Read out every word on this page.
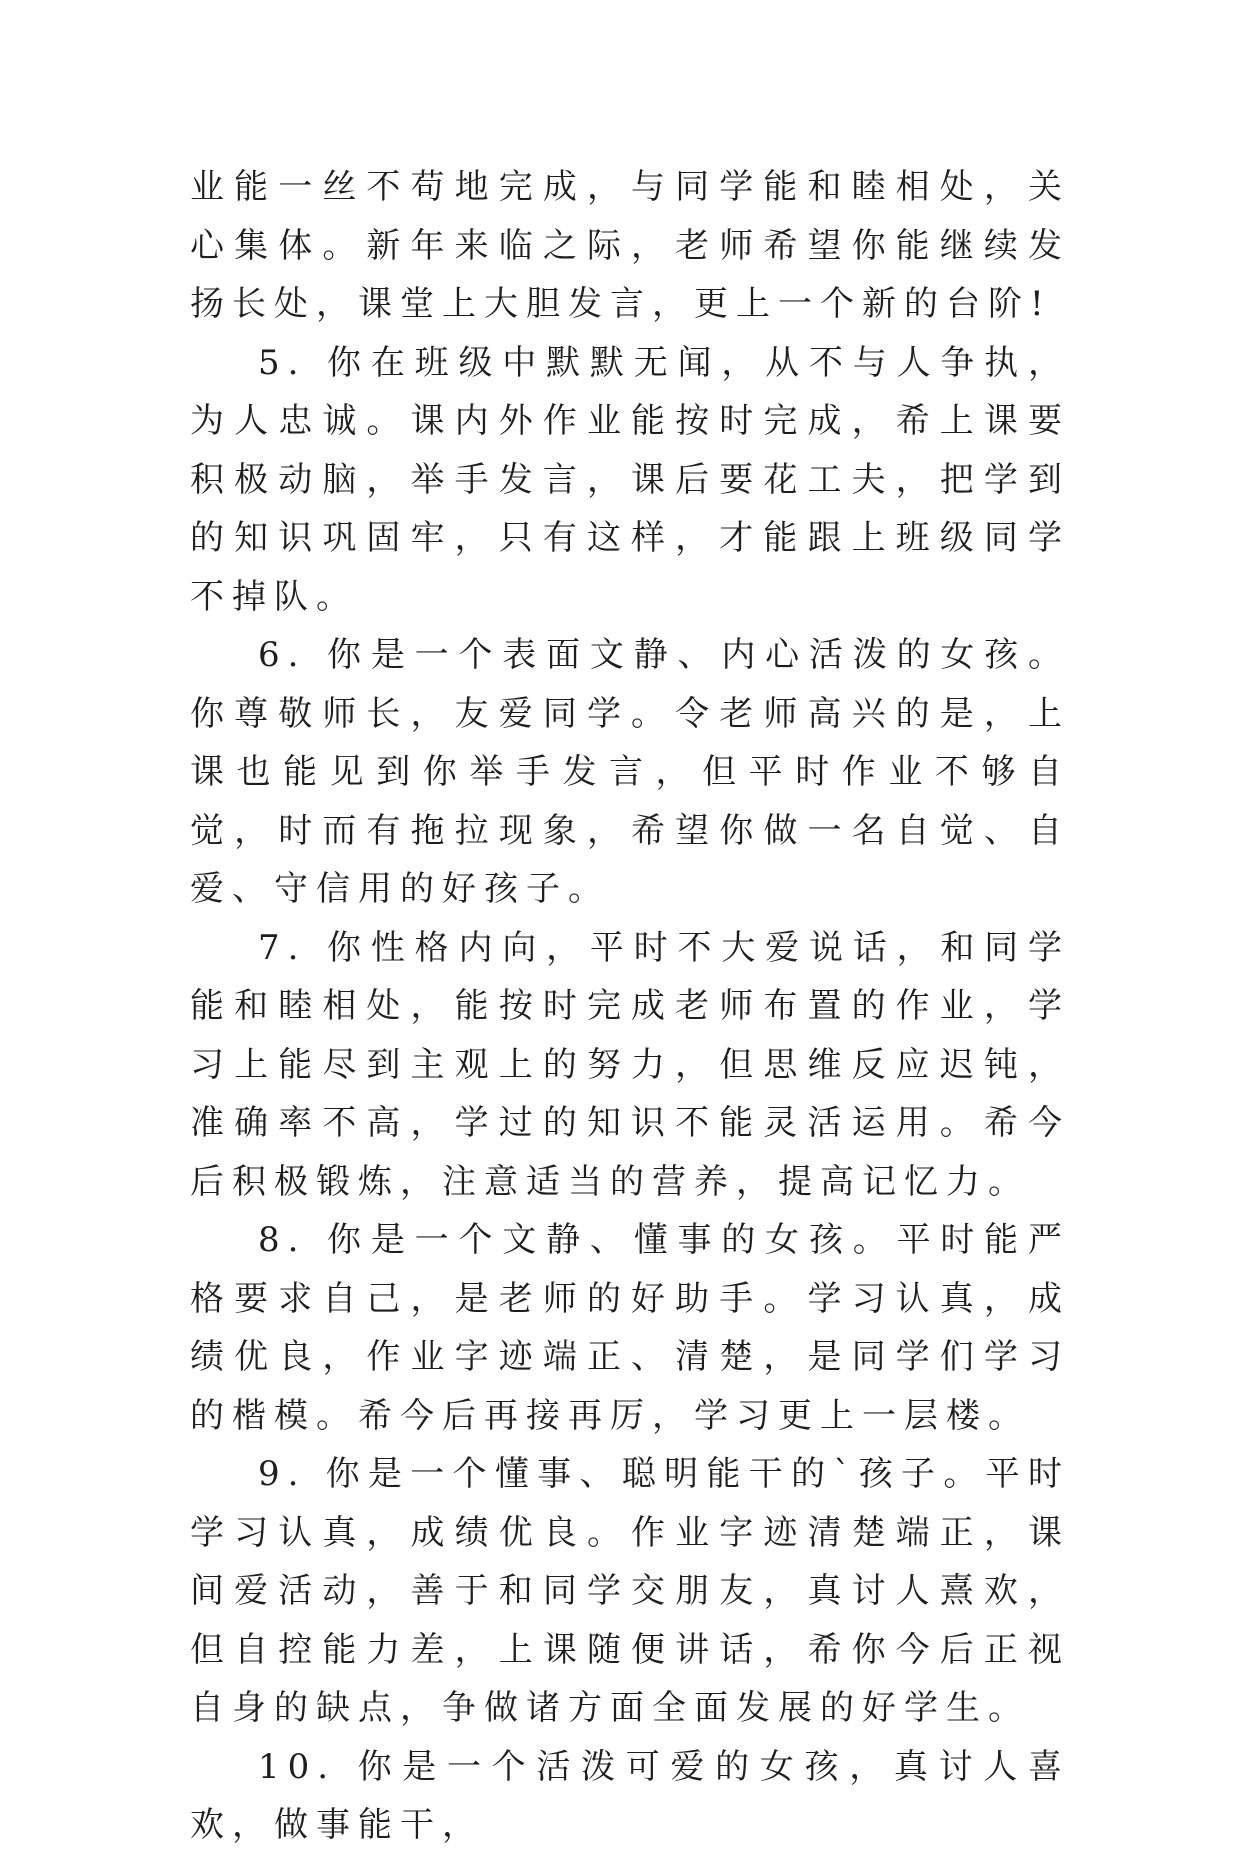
业能一丝不苟地完成，与同学能和睦相处，关心集体。新年来临之际，老师希望你能继续发扬长处，课堂上大胆发言，更上一个新的台阶!

5. 你在班级中默默无闻，从不与人争执，为人忠诚。课内外作业能按时完成，希上课要积极动脑，举手发言，课后要花工夫，把学到的知识巩固牢，只有这样，才能跟上班级同学不掉队。

6. 你是一个表面文静、内心活泼的女孩。你尊敬师长，友爱同学。令老师高兴的是，上课也能见到你举手发言，但平时作业不够自觉，时而有拖拉现象，希望你做一名自觉、自爱、守信用的好孩子。

7. 你性格内向，平时不大爱说话，和同学能和睦相处，能按时完成老师布置的作业，学习上能尽到主观上的努力，但思维反应迟钝，准确率不高，学过的知识不能灵活运用。希今后积极锻炼，注意适当的营养，提高记忆力。

8. 你是一个文静、懂事的女孩。平时能严格要求自己，是老师的好助手。学习认真，成绩优良，作业字迹端正、清楚，是同学们学习的楷模。希今后再接再厉，学习更上一层楼。

9. 你是一个懂事、聪明能干的`孩子。平时学习认真，成绩优良。作业字迹清楚端正，课间爱活动，善于和同学交朋友，真讨人熹欢，但自控能力差，上课随便讲话，希你今后正视自身的缺点，争做诸方面全面发展的好学生。

10. 你是一个活泼可爱的女孩，真讨人喜欢，做事能干，
